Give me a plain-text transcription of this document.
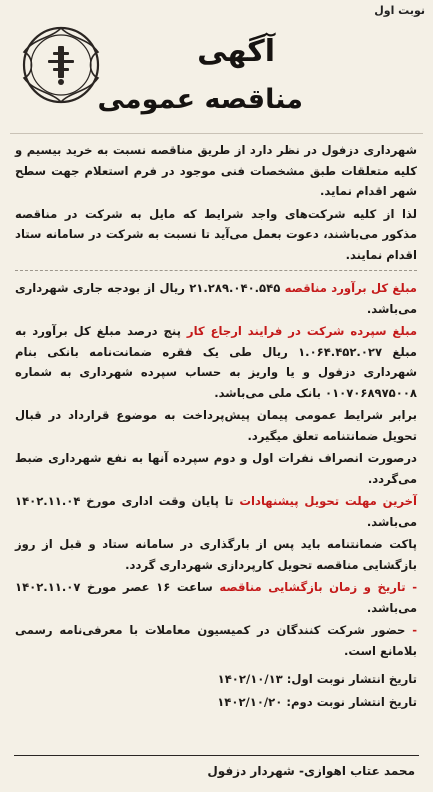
نوبت اول
آگهی
مناقصه عمومی

شهرداری دزفول در نظر دارد از طریق مناقصه نسبت به خرید بیسیم و کلیه متعلقات طبق مشخصات فنی موجود در فرم استعلام جهت سطح شهر اقدام نماید.

لذا از کلیه شرکت‌های واجد شرایط که مایل به شرکت در مناقصه مذکور می‌باشند، دعوت بعمل می‌آید تا نسبت به شرکت در سامانه ستاد اقدام نمایند.

مبلغ کل برآورد مناقصه ۲۱.۲۸۹.۰۴۰.۵۴۵ ریال از بودجه جاری شهرداری می‌باشد.

مبلغ سپرده شرکت در فرایند ارجاع کار پنج درصد مبلغ کل برآورد به مبلغ ۱.۰۶۴.۴۵۲.۰۲۷ ریال طی یک فقره ضمانت‌نامه بانکی بنام شهرداری دزفول و یا واریز به حساب سپرده شهرداری به شماره ۰۱۰۷۰۶۸۹۷۵۰۰۸ بانک ملی می‌باشد.

برابر شرایط عمومی پیمان پیش‌پرداخت به موضوع قرارداد در قبال تحویل ضمانتنامه تعلق میگیرد.

درصورت انصراف نفرات اول و دوم سپرده آنها به نفع شهرداری ضبط می‌گردد.

آخرین مهلت تحویل پیشنهادات تا پایان وقت اداری مورخ ۱۴۰۲.۱۱.۰۴ می‌باشد.

پاکت ضمانتنامه باید پس از بارگذاری در سامانه ستاد و قبل از روز بازگشایی مناقصه تحویل کارپردازی شهرداری گردد.

- تاریخ و زمان بازگشایی مناقصه ساعت ۱۶ عصر مورخ ۱۴۰۲.۱۱.۰۷ می‌باشد.

- حضور شرکت کنندگان در کمیسیون معاملات با معرفی‌نامه رسمی بلامانع است.

تاریخ انتشار نوبت اول: ۱۴۰۲/۱۰/۱۳

تاریخ انتشار نوبت دوم: ۱۴۰۲/۱۰/۲۰

محمد عتاب اهوازی- شهردار دزفول
